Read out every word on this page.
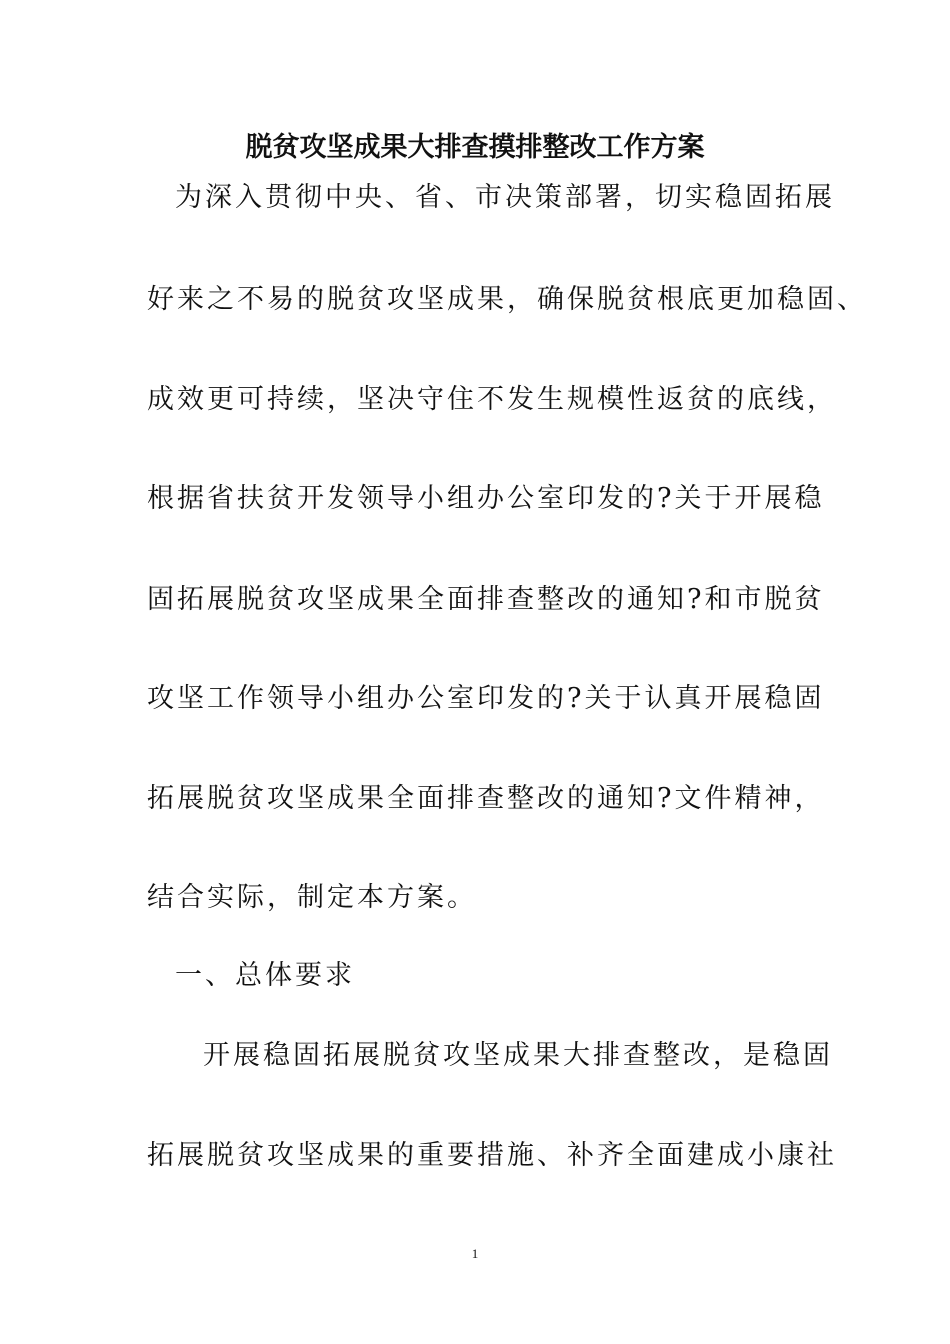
脱贫攻坚成果大排查摸排整改工作方案

为深入贯彻中央、省、市决策部署，切实稳固拓展

好来之不易的脱贫攻坚成果，确保脱贫根底更加稳固、

成效更可持续，坚决守住不发生规模性返贫的底线，

根据省扶贫开发领导小组办公室印发的?关于开展稳

固拓展脱贫攻坚成果全面排查整改的通知?和市脱贫

攻坚工作领导小组办公室印发的?关于认真开展稳固

拓展脱贫攻坚成果全面排查整改的通知?文件精神，

结合实际，制定本方案。

一、总体要求

开展稳固拓展脱贫攻坚成果大排查整改，是稳固

拓展脱贫攻坚成果的重要措施、补齐全面建成小康社

1
